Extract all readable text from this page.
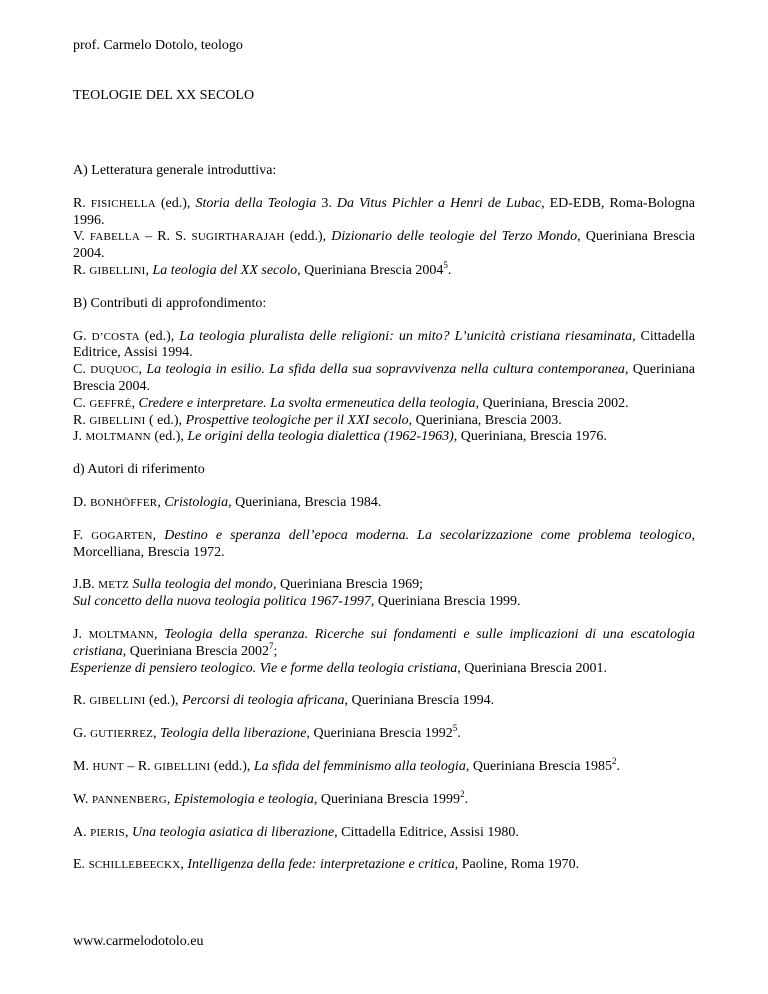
prof. Carmelo Dotolo, teologo
TEOLOGIE DEL XX SECOLO

A) Letteratura generale introduttiva:

R. FISICHELLA (ed.), Storia della Teologia 3. Da Vitus Pichler a Henri de Lubac, ED-EDB, Roma-Bologna 1996.

V. FABELLA – R. S. SUGIRTHARAJAH (edd.), Dizionario delle teologie del Terzo Mondo, Queriniana Brescia 2004.

R. GIBELLINI, La teologia del XX secolo, Queriniana Brescia 2004$^5$.

B) Contributi di approfondimento:

G. D’COSTA (ed.), La teologia pluralista delle religioni: un mito? L’unicità cristiana riesaminata, Cittadella Editrice, Assisi 1994.

C. DUQUOC, La teologia in esilio. La sfida della sua sopravvivenza nella cultura contemporanea, Queriniana Brescia 2004.

C. GEFFRÉ, Credere e interpretare. La svolta ermeneutica della teologia, Queriniana, Brescia 2002.

R. GIBELLINI ( ed.), Prospettive teologiche per il XXI secolo, Queriniana, Brescia 2003.

J. MOLTMANN (ed.), Le origini della teologia dialettica (1962-1963), Queriniana, Brescia 1976.

d) Autori di riferimento

D. BONHÖFFER, Cristologia, Queriniana, Brescia 1984.

F. GOGARTEN, Destino e speranza dell’epoca moderna. La secolarizzazione come problema teologico, Morcelliana, Brescia 1972.

J.B. METZ Sulla teologia del mondo, Queriniana Brescia 1969;

Sul concetto della nuova teologia politica 1967-1997, Queriniana Brescia 1999.

J. MOLTMANN, Teologia della speranza. Ricerche sui fondamenti e sulle implicazioni di una escatologia cristiana, Queriniana Brescia 2002$^7$;

Esperienze di pensiero teologico. Vie e forme della teologia cristiana, Queriniana Brescia 2001.

R. GIBELLINI (ed.), Percorsi di teologia africana, Queriniana Brescia 1994.

G. GUTIERREZ, Teologia della liberazione, Queriniana Brescia 1992$^5$.

M. HUNT – R. GIBELLINI (edd.), La sfida del femminismo alla teologia, Queriniana Brescia 1985$^2$.

W. PANNENBERG, Epistemologia e teologia, Queriniana Brescia 1999$^2$.

A. PIERIS, Una teologia asiatica di liberazione, Cittadella Editrice, Assisi 1980.

E. SCHILLEBEECKX, Intelligenza della fede: interpretazione e critica, Paoline, Roma 1970.

www.carmelodotolo.eu
